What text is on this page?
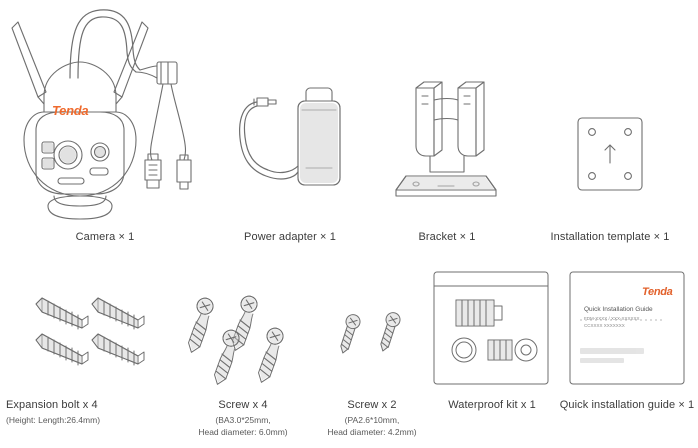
Tenda
Camera × 1	Power adapter × 1	Bracket × 1	Installation template × 1
Expansion bolt x 4
(Height: Length:26.4mm)
Screw x 4
(BA3.0*25mm,
Head diameter: 6.0mm)
Screw x 2
(PA2.6*10mm,
Head diameter: 4.2mm)
Waterproof kit x 1
Tenda
Quick Installation Guide
FDM-XXXX / XXX-XXXXXX
CCXXXX XXXXXXX
Quick installation guide × 1
